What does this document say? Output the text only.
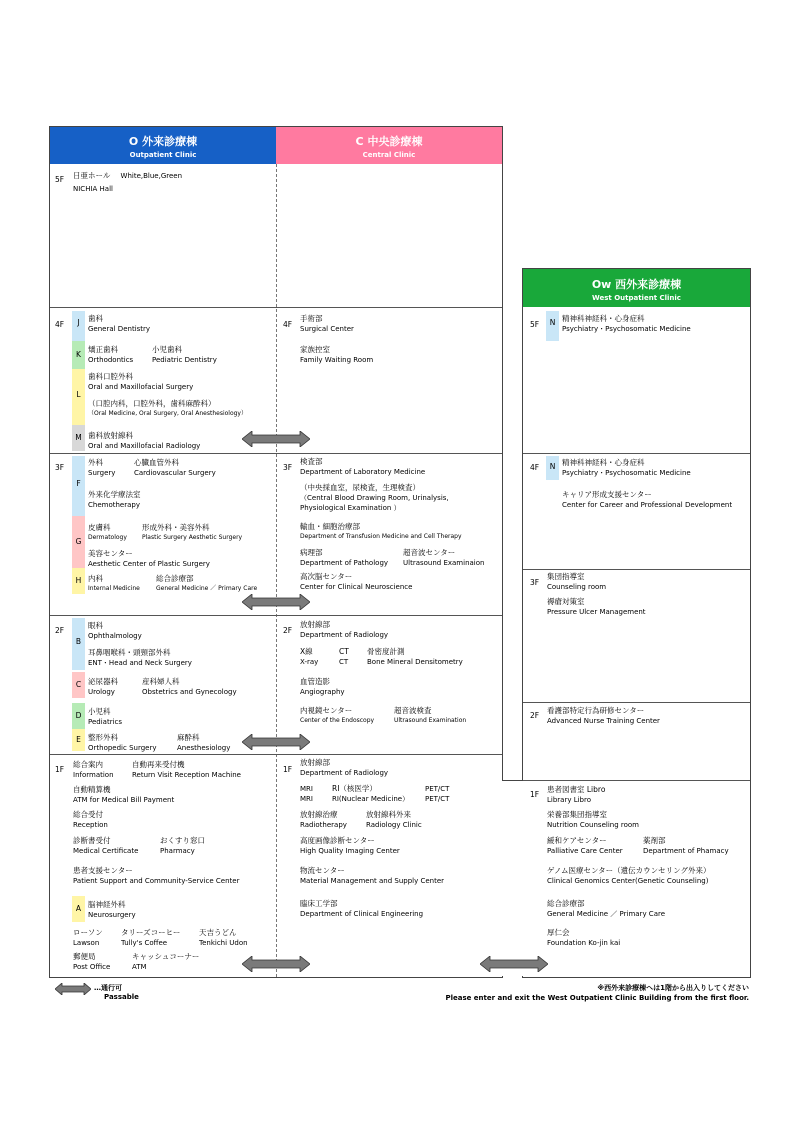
O 外来診療棟
Outpatient Clinic
C 中央診療棟
Central Clinic
Ow 西外来診療棟
West Outpatient Clinic
5F
4F
3F
2F
1F
4F
3F
2F
1F
5F
4F
3F
2F
1F
J
K
L
M
F
G
H
B
C
D
E
A
N
N
日亜ホール White,Blue,Green
NICHIA Hall
歯科
General Dentistry
矯正歯科
Orthodontics
小児歯科
Pediatric Dentistry
歯科口腔外科
Oral and Maxillofacial Surgery
（口腔内科，口腔外科，歯科麻酔科）
（Oral Medicine, Oral Surgery, Oral Anesthesiology）
歯科放射線科
Oral and Maxillofacial Radiology
外科
Surgery
心臓血管外科
Cardiovascular Surgery
外来化学療法室
Chemotherapy
皮膚科
Dermatology
形成外科・美容外科
Plastic Surgery Aesthetic Surgery
美容センター
Aesthetic Center of Plastic Surgery
内科
Internal Medicine
総合診療部
General Medicine ／ Primary Care
眼科
Ophthalmology
耳鼻咽喉科・頭頸部外科
ENT・Head and Neck Surgery
泌尿器科
Urology
産科婦人科
Obstetrics and Gynecology
小児科
Pediatrics
整形外科
Orthopedic Surgery
麻酔科
Anesthesiology
総合案内
Information
自動再来受付機
Return Visit Reception Machine
自動精算機
ATM for Medical Bill Payment
総合受付
Reception
診断書受付
Medical Certificate
おくすり窓口
Pharmacy
患者支援センター
Patient Support and Community-Service Center
脳神経外科
Neurosurgery
ローソン
Lawson
タリーズコーヒー
Tully's Coffee
天吉うどん
Tenkichi Udon
郵便局
Post Office
キャッシュコーナー
ATM
手術部
Surgical Center
家族控室
Family Waiting Room
検査部
Department of Laboratory Medicine
（中央採血室，尿検査，生理検査）
（Central Blood Drawing Room, Urinalysis,
Physiological Examination ）
輸血・細胞治療部
Department of Transfusion Medicine and Cell Therapy
病理部
Department of Pathology
超音波センター
Ultrasound Examinaion
高次脳センター
Center for Clinical Neuroscience
放射線部
Department of Radiology
X線
X-ray
CT
CT
骨密度計測
Bone Mineral Densitometry
血管造影
Angiography
内視鏡センター
Center of the Endoscopy
超音波検査
Ultrasound Examination
放射線部
Department of Radiology
MRI
MRI
RI（核医学）
RI(Nuclear Medicine）
PET/CT
PET/CT
放射線治療
Radiotherapy
放射線科外来
Radiology Clinic
高度画像診断センター
High Quality Imaging Center
物流センター
Material Management and Supply Center
臨床工学部
Department of Clinical Engineering
精神科神経科・心身症科
Psychiatry・Psychosomatic Medicine
精神科神経科・心身症科
Psychiatry・Psychosomatic Medicine
キャリア形成支援センター
Center for Career and Professional Development
集団指導室
Counseling room
褥瘡対策室
Pressure Ulcer Management
看護部特定行為研修センター
Advanced Nurse Training Center
患者図書室 Libro
Library Libro
栄養部集団指導室
Nutrition Counseling room
緩和ケアセンター
Palliative Care Center
薬剤部
Department of Phamacy
ゲノム医療センター（遺伝カウンセリング外来）
Clinical Genomics Center(Genetic Counseling)
総合診療部
General Medicine ／ Primary Care
厚仁会
Foundation Ko-jin kai
…通行可
Passable
※西外来診療棟へは1階から出入りしてください
Please enter and exit the West Outpatient Clinic Building from the first floor.
